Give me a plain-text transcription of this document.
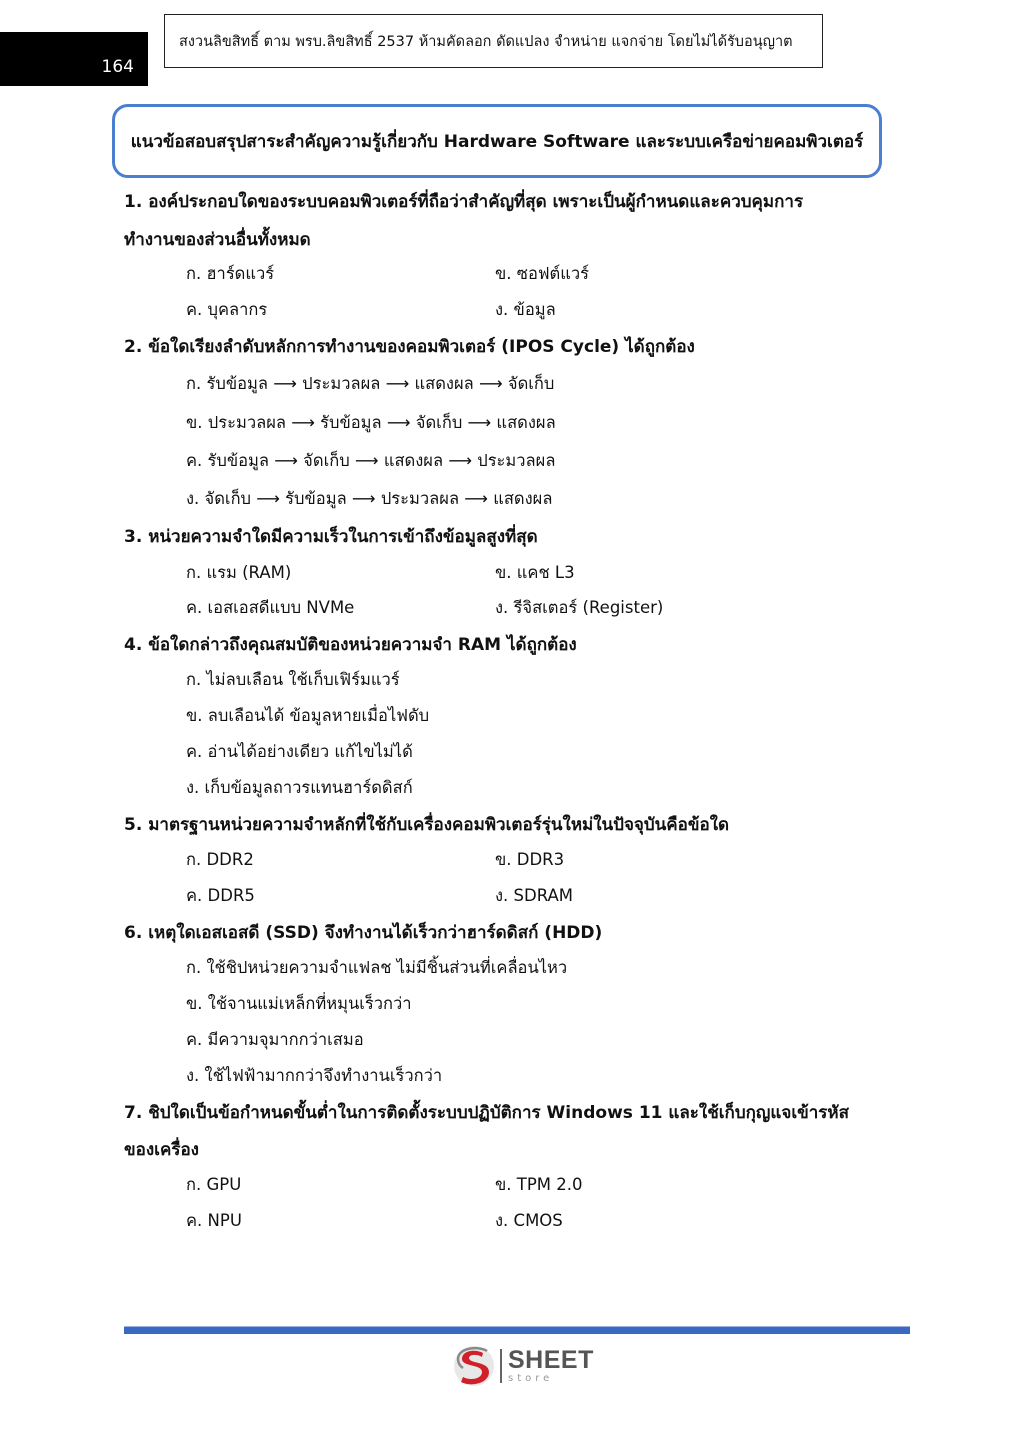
164
สงวนลิขสิทธิ์ ตาม พรบ.ลิขสิทธิ์ 2537 ห้ามคัดลอก ดัดแปลง จำหน่าย แจกจ่าย โดยไม่ได้รับอนุญาต
แนวข้อสอบสรุปสาระสำคัญความรู้เกี่ยวกับ Hardware Software และระบบเครือข่ายคอมพิวเตอร์
1. องค์ประกอบใดของระบบคอมพิวเตอร์ที่ถือว่าสำคัญที่สุด เพราะเป็นผู้กำหนดและควบคุมการ
ทำงานของส่วนอื่นทั้งหมด
ก. ฮาร์ดแวร์	ข. ซอฟต์แวร์
ค. บุคลากร	ง. ข้อมูล
2. ข้อใดเรียงลำดับหลักการทำงานของคอมพิวเตอร์ (IPOS Cycle) ได้ถูกต้อง
ก. รับข้อมูล ⟶ ประมวลผล ⟶ แสดงผล ⟶ จัดเก็บ
ข. ประมวลผล ⟶ รับข้อมูล ⟶ จัดเก็บ ⟶ แสดงผล
ค. รับข้อมูล ⟶ จัดเก็บ ⟶ แสดงผล ⟶ ประมวลผล
ง. จัดเก็บ ⟶ รับข้อมูล ⟶ ประมวลผล ⟶ แสดงผล
3. หน่วยความจำใดมีความเร็วในการเข้าถึงข้อมูลสูงที่สุด
ก. แรม (RAM)	ข. แคช L3
ค. เอสเอสดีแบบ NVMe	ง. รีจิสเตอร์ (Register)
4. ข้อใดกล่าวถึงคุณสมบัติของหน่วยความจำ RAM ได้ถูกต้อง
ก. ไม่ลบเลือน ใช้เก็บเฟิร์มแวร์
ข. ลบเลือนได้ ข้อมูลหายเมื่อไฟดับ
ค. อ่านได้อย่างเดียว แก้ไขไม่ได้
ง. เก็บข้อมูลถาวรแทนฮาร์ดดิสก์
5. มาตรฐานหน่วยความจำหลักที่ใช้กับเครื่องคอมพิวเตอร์รุ่นใหม่ในปัจจุบันคือข้อใด
ก. DDR2	ข. DDR3
ค. DDR5	ง. SDRAM
6. เหตุใดเอสเอสดี (SSD) จึงทำงานได้เร็วกว่าฮาร์ดดิสก์ (HDD)
ก. ใช้ชิปหน่วยความจำแฟลช ไม่มีชิ้นส่วนที่เคลื่อนไหว
ข. ใช้จานแม่เหล็กที่หมุนเร็วกว่า
ค. มีความจุมากกว่าเสมอ
ง. ใช้ไฟฟ้ามากกว่าจึงทำงานเร็วกว่า
7. ชิปใดเป็นข้อกำหนดขั้นต่ำในการติดตั้งระบบปฏิบัติการ Windows 11 และใช้เก็บกุญแจเข้ารหัส
ของเครื่อง
ก. GPU	ข. TPM 2.0
ค. NPU	ง. CMOS
SHEET
store
